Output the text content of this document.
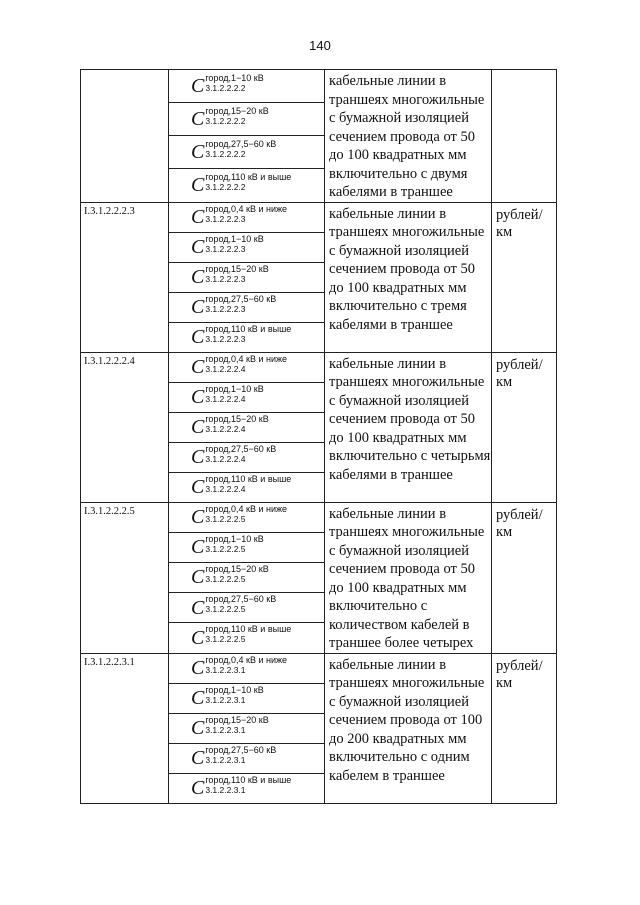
140

	C город,1−10 кВ
3.1.2.2.2.2	кабельные линии в траншеях многожильные с бумажной изоляцией сечением провода от 50 до 100 квадратных мм включительно с двумя кабелями в траншее	

	C город,15−20 кВ
3.1.2.2.2.2		

	C город,27,5−60 кВ
3.1.2.2.2.2		

	C город,110 кВ и выше
3.1.2.2.2.2		

I.3.1.2.2.2.3	C город,0,4 кВ и ниже
3.1.2.2.2.3	кабельные линии в траншеях многожильные с бумажной изоляцией сечением провода от 50 до 100 квадратных мм включительно с тремя кабелями в траншее	рублей/км

	C город,1−10 кВ
3.1.2.2.2.3		

	C город,15−20 кВ
3.1.2.2.2.3		

	C город,27,5−60 кВ
3.1.2.2.2.3		

	C город,110 кВ и выше
3.1.2.2.2.3		

I.3.1.2.2.2.4	C город,0,4 кВ и ниже
3.1.2.2.2.4	кабельные линии в траншеях многожильные с бумажной изоляцией сечением провода от 50 до 100 квадратных мм включительно с четырьмя кабелями в траншее	рублей/км

	C город,1−10 кВ
3.1.2.2.2.4		

	C город,15−20 кВ
3.1.2.2.2.4		

	C город,27,5−60 кВ
3.1.2.2.2.4		

	C город,110 кВ и выше
3.1.2.2.2.4		

I.3.1.2.2.2.5	C город,0,4 кВ и ниже
3.1.2.2.2.5	кабельные линии в траншеях многожильные с бумажной изоляцией сечением провода от 50 до 100 квадратных мм включительно с количеством кабелей в траншее более четырех	рублей/км

	C город,1−10 кВ
3.1.2.2.2.5		

	C город,15−20 кВ
3.1.2.2.2.5		

	C город,27,5−60 кВ
3.1.2.2.2.5		

	C город,110 кВ и выше
3.1.2.2.2.5		

I.3.1.2.2.3.1	C город,0,4 кВ и ниже
3.1.2.2.3.1	кабельные линии в траншеях многожильные с бумажной изоляцией сечением провода от 100 до 200 квадратных мм включительно с одним кабелем в траншее	рублей/км

	C город,1−10 кВ
3.1.2.2.3.1		

	C город,15−20 кВ
3.1.2.2.3.1		

	C город,27,5−60 кВ
3.1.2.2.3.1		

	C город,110 кВ и выше
3.1.2.2.3.1		
